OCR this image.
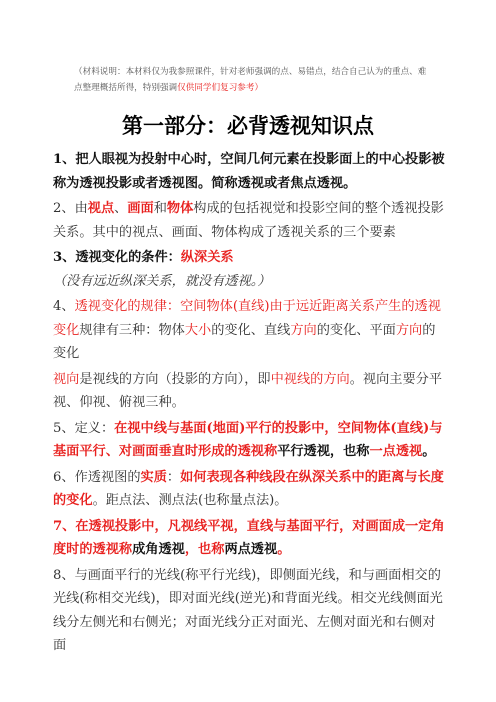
（材料说明：本材料仅为我参照课件，针对老师强调的点、易错点，结合自己认为的重点、难点整理概括所得，特别强调仅供同学们复习参考）
第一部分：必背透视知识点

1、把人眼视为投射中心时，空间几何元素在投影面上的中心投影被称为透视投影或者透视图。简称透视或者焦点透视。

2、由视点、画面和物体构成的包括视觉和投影空间的整个透视投影关系。其中的视点、画面、物体构成了透视关系的三个要素

3、透视变化的条件：纵深关系（没有远近纵深关系，就没有透视。）

4、透视变化的规律：空间物体(直线)由于远近距离关系产生的透视变化规律有三种：物体大小的变化、直线方向的变化、平面方向的变化

视向是视线的方向（投影的方向），即中视线的方向。视向主要分平视、仰视、俯视三种。

5、定义：在视中线与基面(地面)平行的投影中，空间物体(直线)与基面平行、对画面垂直时形成的透视称平行透视，也称一点透视。

6、作透视图的实质：如何表现各种线段在纵深关系中的距离与长度的变化。距点法、测点法(也称量点法)。

7、在透视投影中，凡视线平视，直线与基面平行，对画面成一定角度时的透视称成角透视，也称两点透视。

8、与画面平行的光线(称平行光线)，即侧面光线，和与画面相交的光线(称相交光线)，即对面光线(逆光)和背面光线。相交光线侧面光线分左侧光和右侧光；对面光线分正对面光、左侧对面光和右侧对面
